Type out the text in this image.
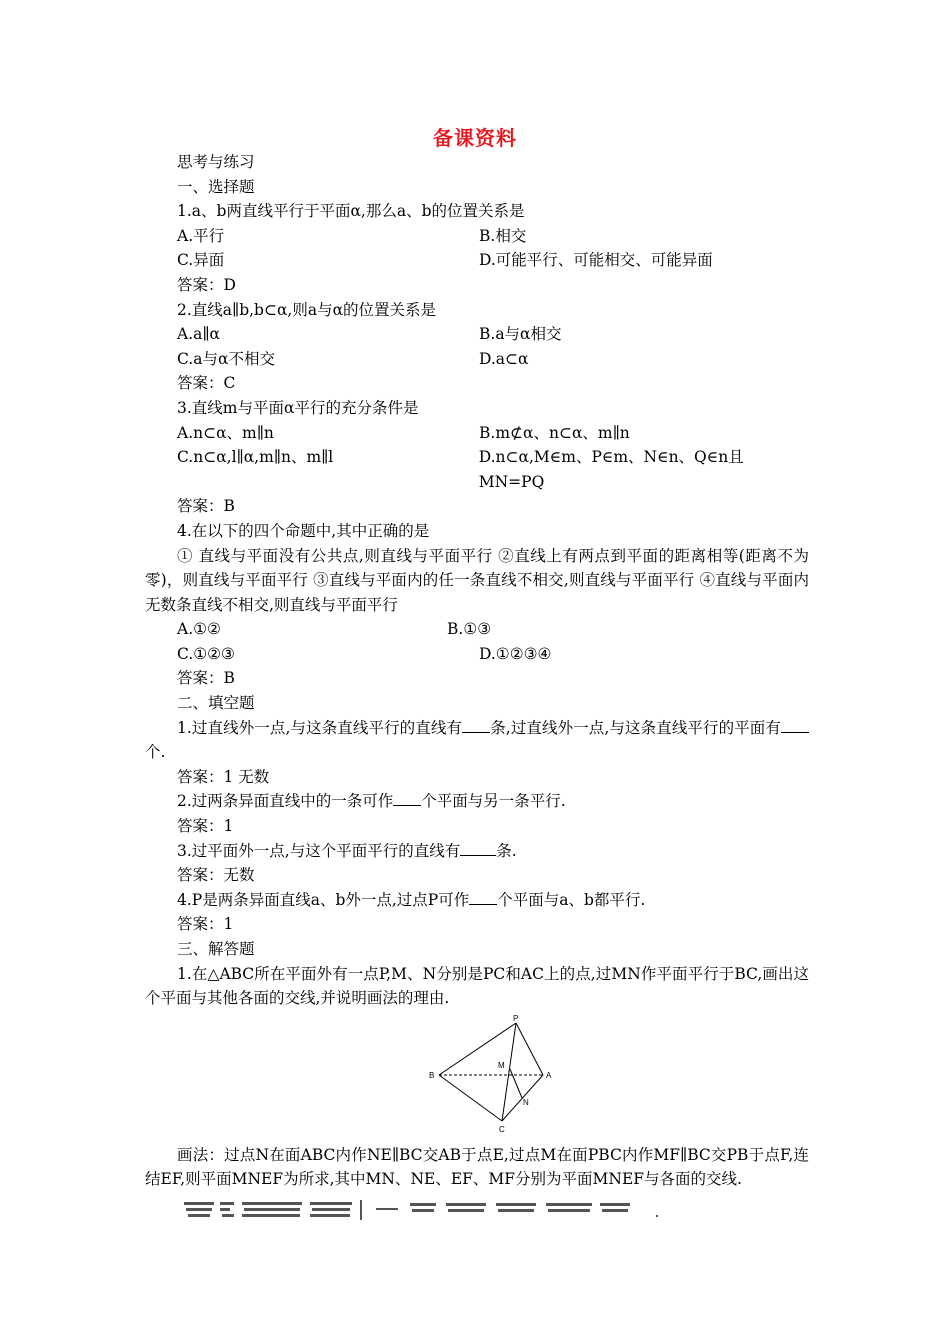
备课资料

思考与练习

一、选择题

1.a、b两直线平行于平面α,那么a、b的位置关系是

A.平行	B.相交
C.异面	D.可能平行、可能相交、可能异面

答案：D

2.直线a∥b,b⊂α,则a与α的位置关系是

A.a∥α	B.a与α相交
C.a与α不相交	D.a⊂α

答案：C

3.直线m与平面α平行的充分条件是

A.n⊂α、m∥n	B.m⊄α、n⊂α、m∥n
C.n⊂α,l∥α,m∥n、m∥l	D.n⊂α,M∈m、P∈m、N∈n、Q∈n且MN=PQ

答案：B

4.在以下的四个命题中,其中正确的是

① 直线与平面没有公共点,则直线与平面平行 ②直线上有两点到平面的距离相等(距离不为零)，则直线与平面平行 ③直线与平面内的任一条直线不相交,则直线与平面平行 ④直线与平面内无数条直线不相交,则直线与平面平行

A.①②	B.①③
C.①②③	D.①②③④

答案：B

二、填空题

1.过直线外一点,与这条直线平行的直线有 条,过直线外一点,与这条直线平行的平面有个.

答案：1 无数

2.过两条异面直线中的一条可作 个平面与另一条平行.

答案：1

3.过平面外一点,与这个平面平行的直线有 条.

答案：无数

4.P是两条异面直线a、b外一点,过点P可作 个平面与a、b都平行.

答案：1

三、解答题

1.在△ABC所在平面外有一点P,M、N分别是PC和AC上的点,过MN作平面平行于BC,画出这个平面与其他各面的交线,并说明画法的理由.

P
B
M
A
N
C

画法：过点N在面ABC内作NE∥BC交AB于点E,过点M在面PBC内作MF∥BC交PB于点F,连结EF,则平面MNEF为所求,其中MN、NE、EF、MF分别为平面MNEF与各面的交线.
